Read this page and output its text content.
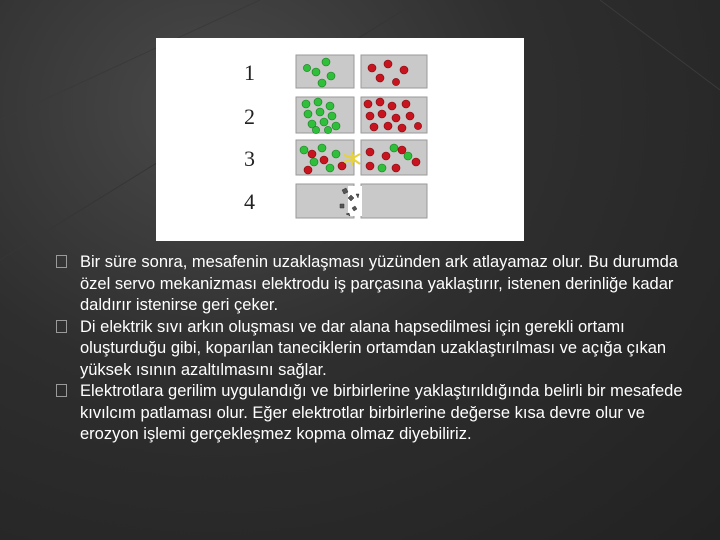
1
2
3
4
Bir süre sonra, mesafenin uzaklaşması yüzünden ark atlayamaz olur. Bu durumda özel servo mekanizması elektrodu iş parçasına yaklaştırır, istenen derinliğe kadar daldırır istenirse geri çeker.
Di elektrik sıvı arkın oluşması ve dar alana hapsedilmesi için gerekli ortamı oluşturduğu gibi, koparılan taneciklerin ortamdan uzaklaştırılması ve açığa çıkan yüksek ısının azaltılmasını sağlar.
Elektrotlara gerilim uygulandığı ve birbirlerine yaklaştırıldığında belirli bir mesafede kıvılcım patlaması olur. Eğer elektrotlar birbirlerine değerse kısa devre olur ve erozyon işlemi gerçekleşmez kopma olmaz diyebiliriz.
